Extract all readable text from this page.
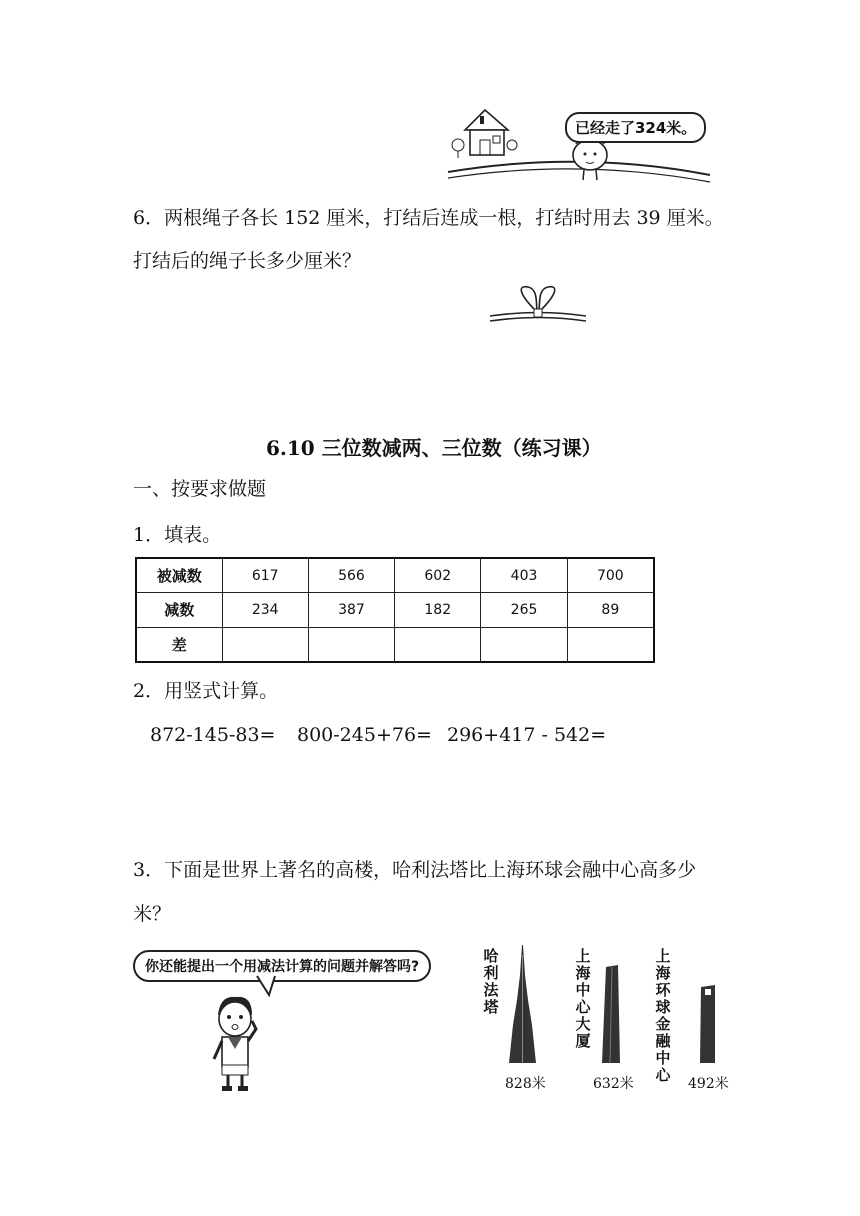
已经走了324米。
6．两根绳子各长 152 厘米，打结后连成一根，打结时用去 39 厘米。
打结后的绳子长多少厘米？
6.10 三位数减两、三位数（练习课）
一、按要求做题
1．填表。
被减数	617	566	602	403	700
减数	234	387	182	265	89
差					
2．用竖式计算。
872-145-83= 800-245+76= 296+417 - 542=
3．下面是世界上著名的高楼，哈利法塔比上海环球会融中心高多少
米？
你还能提出一个用减法计算的问题并解答吗?
哈利法塔
828米
上海中心大厦
632米
上海环球金融中心 492米
